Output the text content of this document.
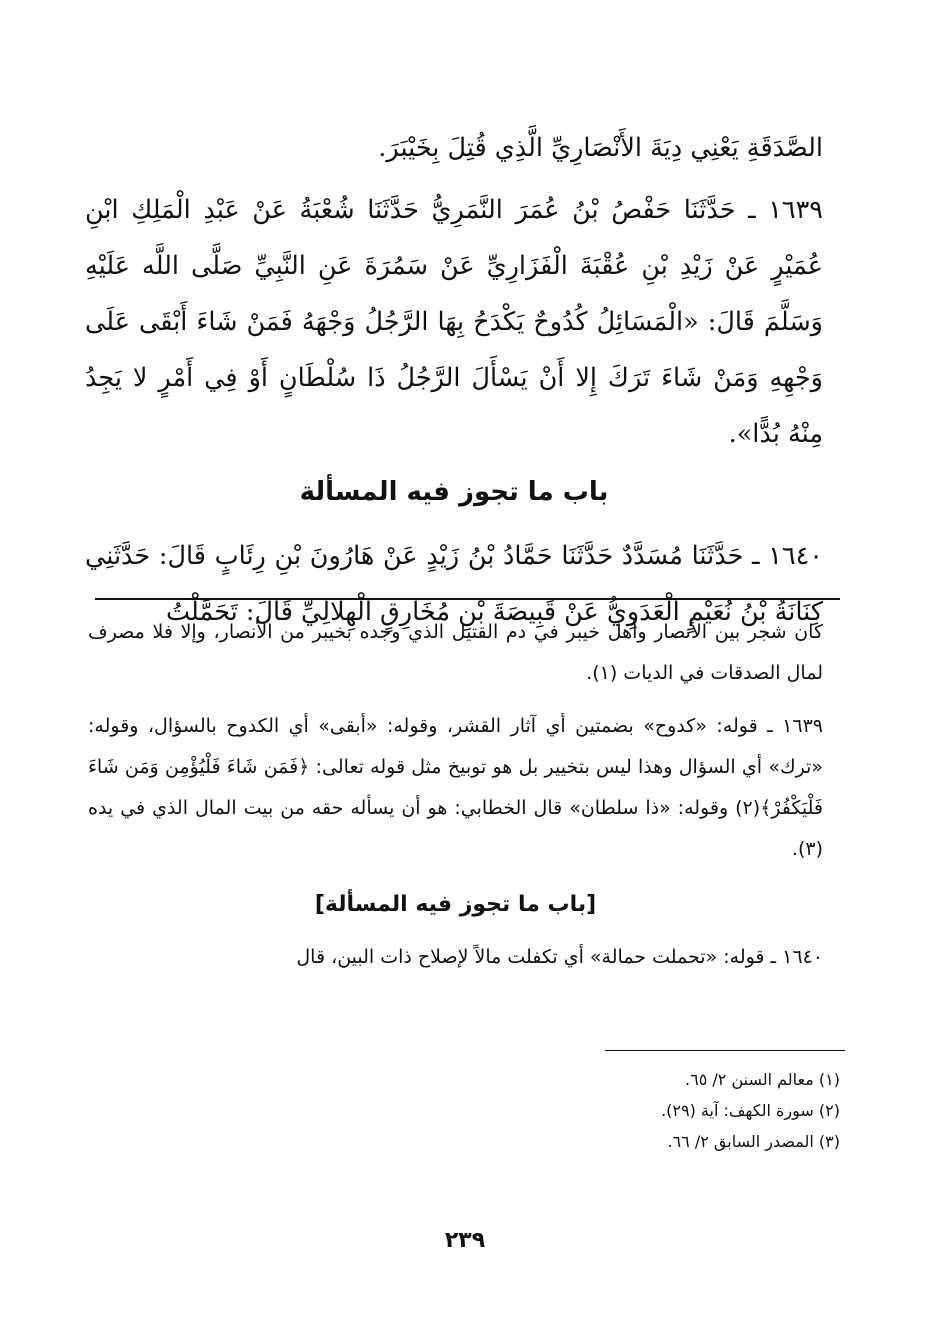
الصَّدَقَةِ يَعْنِي دِيَةَ الأَنْصَارِيِّ الَّذِي قُتِلَ بِخَيْبَرَ.

١٦٣٩ ـ حَدَّثَنَا حَفْصُ بْنُ عُمَرَ النَّمَرِيُّ حَدَّثَنَا شُعْبَةُ عَنْ عَبْدِ الْمَلِكِ ابْنِ عُمَيْرٍ عَنْ زَيْدِ بْنِ عُقْبَةَ الْفَزَارِيِّ عَنْ سَمُرَةَ عَنِ النَّبِيِّ صَلَّى اللَّه عَلَيْهِ وَسَلَّمَ قَالَ: «الْمَسَائِلُ كُدُوحٌ يَكْدَحُ بِهَا الرَّجُلُ وَجْهَهُ فَمَنْ شَاءَ أَبْقَى عَلَى وَجْهِهِ وَمَنْ شَاءَ تَرَكَ إِلا أَنْ يَسْأَلَ الرَّجُلُ ذَا سُلْطَانٍ أَوْ فِي أَمْرٍ لا يَجِدُ مِنْهُ بُدًّا».

باب ما تجوز فيه المسألة

١٦٤٠ ـ حَدَّثَنَا مُسَدَّدٌ حَدَّثَنَا حَمَّادُ بْنُ زَيْدٍ عَنْ هَارُونَ بْنِ رِئَابٍ قَالَ: حَدَّثَنِي كِنَانَةُ بْنُ نُعَيْمٍ الْعَدَوِيُّ عَنْ قَبِيصَةَ بْنِ مُخَارِقٍ الْهِلالِيِّ قَالَ: تَحَمَّلْتُ

كان شجر بين الأنصار وأهل خيبر في دم القتيل الذي وجده بخيبر من الأنصار، وإلا فلا مصرف لمال الصدقات في الديات (١).

١٦٣٩ ـ قوله: «كدوح» بضمتين أي آثار القشر، وقوله: «أبقى» أي الكدوح بالسؤال، وقوله: «ترك» أي السؤال وهذا ليس بتخيير بل هو توبيخ مثل قوله تعالى: ﴿فَمَن شَاءَ فَلْيُؤْمِن وَمَن شَاءَ فَلْيَكْفُرْ﴾(٢) وقوله: «ذا سلطان» قال الخطابي: هو أن يسأله حقه من بيت المال الذي في يده (٣).

[باب ما تجوز فيه المسألة]

١٦٤٠ ـ قوله: «تحملت حمالة» أي تكفلت مالاً لإصلاح ذات البين، قال

(١) معالم السنن ٢/ ٦٥.

(٢) سورة الكهف: آية (٢٩).

(٣) المصدر السابق ٢/ ٦٦.

٢٣٩
